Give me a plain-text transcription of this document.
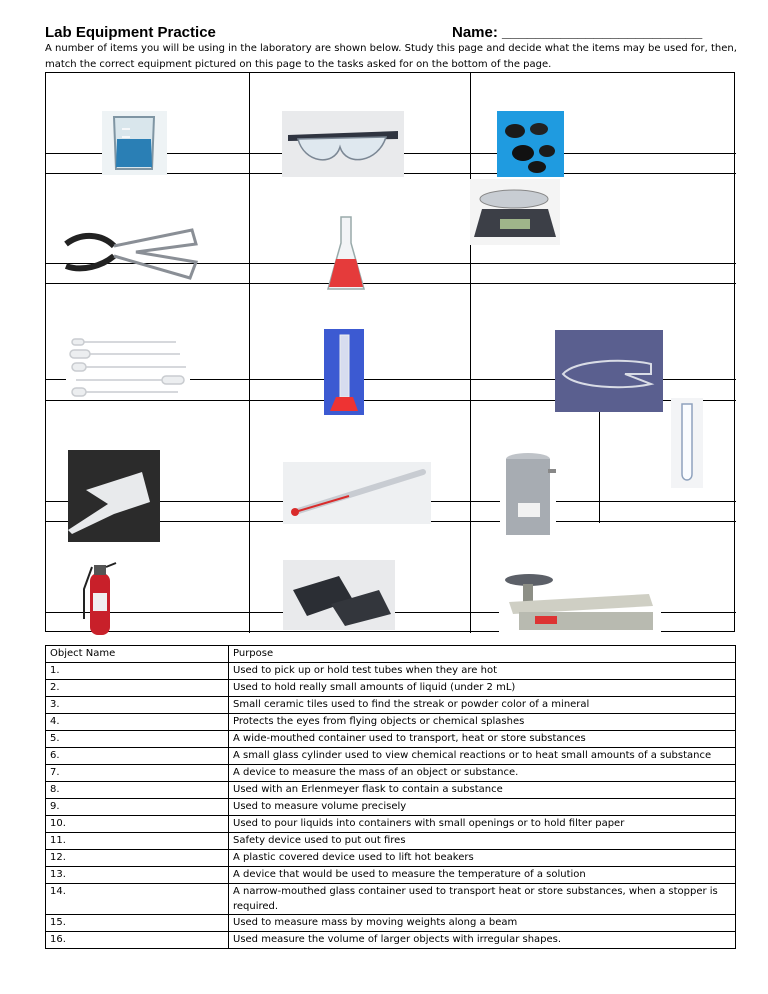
Lab Equipment Practice	Name: ________________________
A number of items you will be using in the laboratory are shown below. Study this page and decide what the items may be used for, then, match the correct equipment pictured on this page to the tasks asked for on the bottom of the page.
Object Name	Purpose
1.	Used to pick up or hold test tubes when they are hot
2.	Used to hold really small amounts of liquid (under 2 mL)
3.	Small ceramic tiles used to find the streak or powder color of a mineral
4.	Protects the eyes from flying objects or chemical splashes
5.	A wide-mouthed container used to transport, heat or store substances
6.	A small glass cylinder used to view chemical reactions or to heat small amounts of a substance
7.	A device to measure the mass of an object or substance.
8.	Used with an Erlenmeyer flask to contain a substance
9.	Used to measure volume precisely
10.	Used to pour liquids into containers with small openings or to hold filter paper
11.	Safety device used to put out fires
12.	A plastic covered device used to lift hot beakers
13.	A device that would be used to measure the temperature of a solution
14.	A narrow-mouthed glass container used to transport heat or store substances, when a stopper is required.
15.	Used to measure mass by moving weights along a beam
16.	Used measure the volume of larger objects with irregular shapes.
